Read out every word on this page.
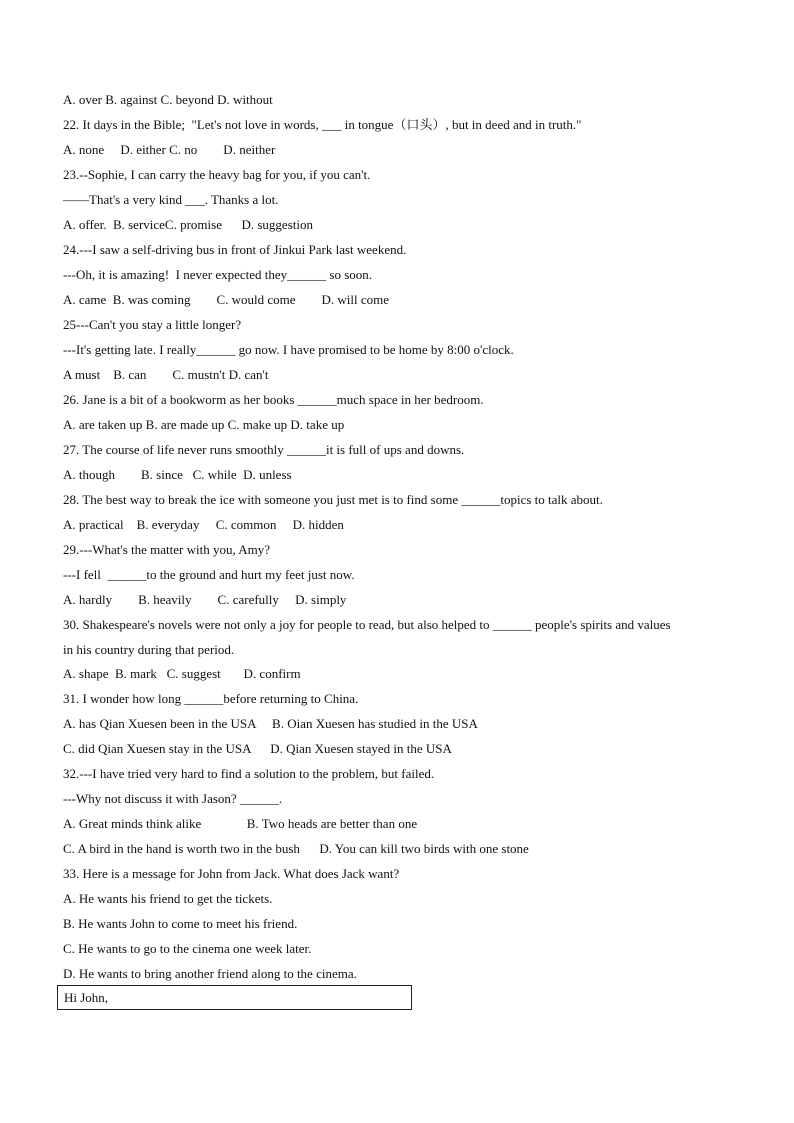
A. over B. against C. beyond D. without
22. It days in the Bible;  "Let's not love in words, ___ in tongue（口头）, but in deed and in truth."
A. none     D. either C. no        D. neither
23.--Sophie, I can carry the heavy bag for you, if you can't.
——That's a very kind ___. Thanks a lot.
A. offer.  B. serviceC. promise      D. suggestion
24.---I saw a self-driving bus in front of Jinkui Park last weekend.
---Oh, it is amazing!  I never expected they______ so soon.
A. came  B. was coming        C. would come        D. will come
25---Can't you stay a little longer?
---It's getting late. I really______ go now. I have promised to be home by 8:00 o'clock.
A must    B. can        C. mustn't D. can't
26. Jane is a bit of a bookworm as her books ______much space in her bedroom.
A. are taken up B. are made up C. make up D. take up
27. The course of life never runs smoothly ______it is full of ups and downs.
A. though        B. since   C. while  D. unless
28. The best way to break the ice with someone you just met is to find some ______topics to talk about.
A. practical    B. everyday     C. common     D. hidden
29.---What's the matter with you, Amy?
---I fell  ______to the ground and hurt my feet just now.
A. hardly        B. heavily        C. carefully     D. simply
30. Shakespeare's novels were not only a joy for people to read, but also helped to ______ people's spirits and values
in his country during that period.
A. shape  B. mark   C. suggest       D. confirm
31. I wonder how long ______before returning to China.
A. has Qian Xuesen been in the USA     B. Oian Xuesen has studied in the USA
C. did Qian Xuesen stay in the USA      D. Qian Xuesen stayed in the USA
32.---I have tried very hard to find a solution to the problem, but failed.
---Why not discuss it with Jason? ______.
A. Great minds think alike              B. Two heads are better than one
C. A bird in the hand is worth two in the bush      D. You can kill two birds with one stone
33. Here is a message for John from Jack. What does Jack want?
A. He wants his friend to get the tickets.
B. He wants John to come to meet his friend.
C. He wants to go to the cinema one week later.
D. He wants to bring another friend along to the cinema.
Hi John,
